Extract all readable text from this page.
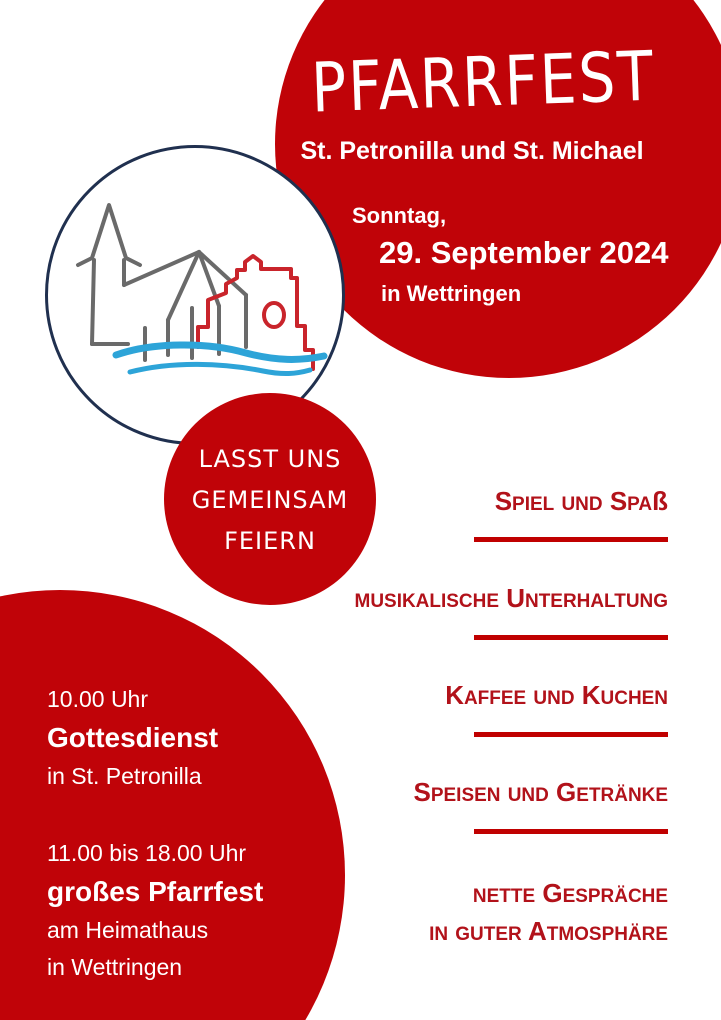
LASST UNS
GEMEINSAM
FEIERN
PFARRFEST
St. Petronilla und St. Michael
Sonntag,
29. September 2024
in Wettringen
10.00 Uhr
Gottesdienst
in St. Petronilla
11.00 bis 18.00 Uhr
großes Pfarrfest
am Heimathaus
in Wettringen
SPIEL UND SPAß
MUSIKALISCHE UNTERHALTUNG
KAFFEE UND KUCHEN
SPEISEN UND GETRÄNKE
NETTE GESPRÄCHE
IN GUTER ATMOSPHÄRE
